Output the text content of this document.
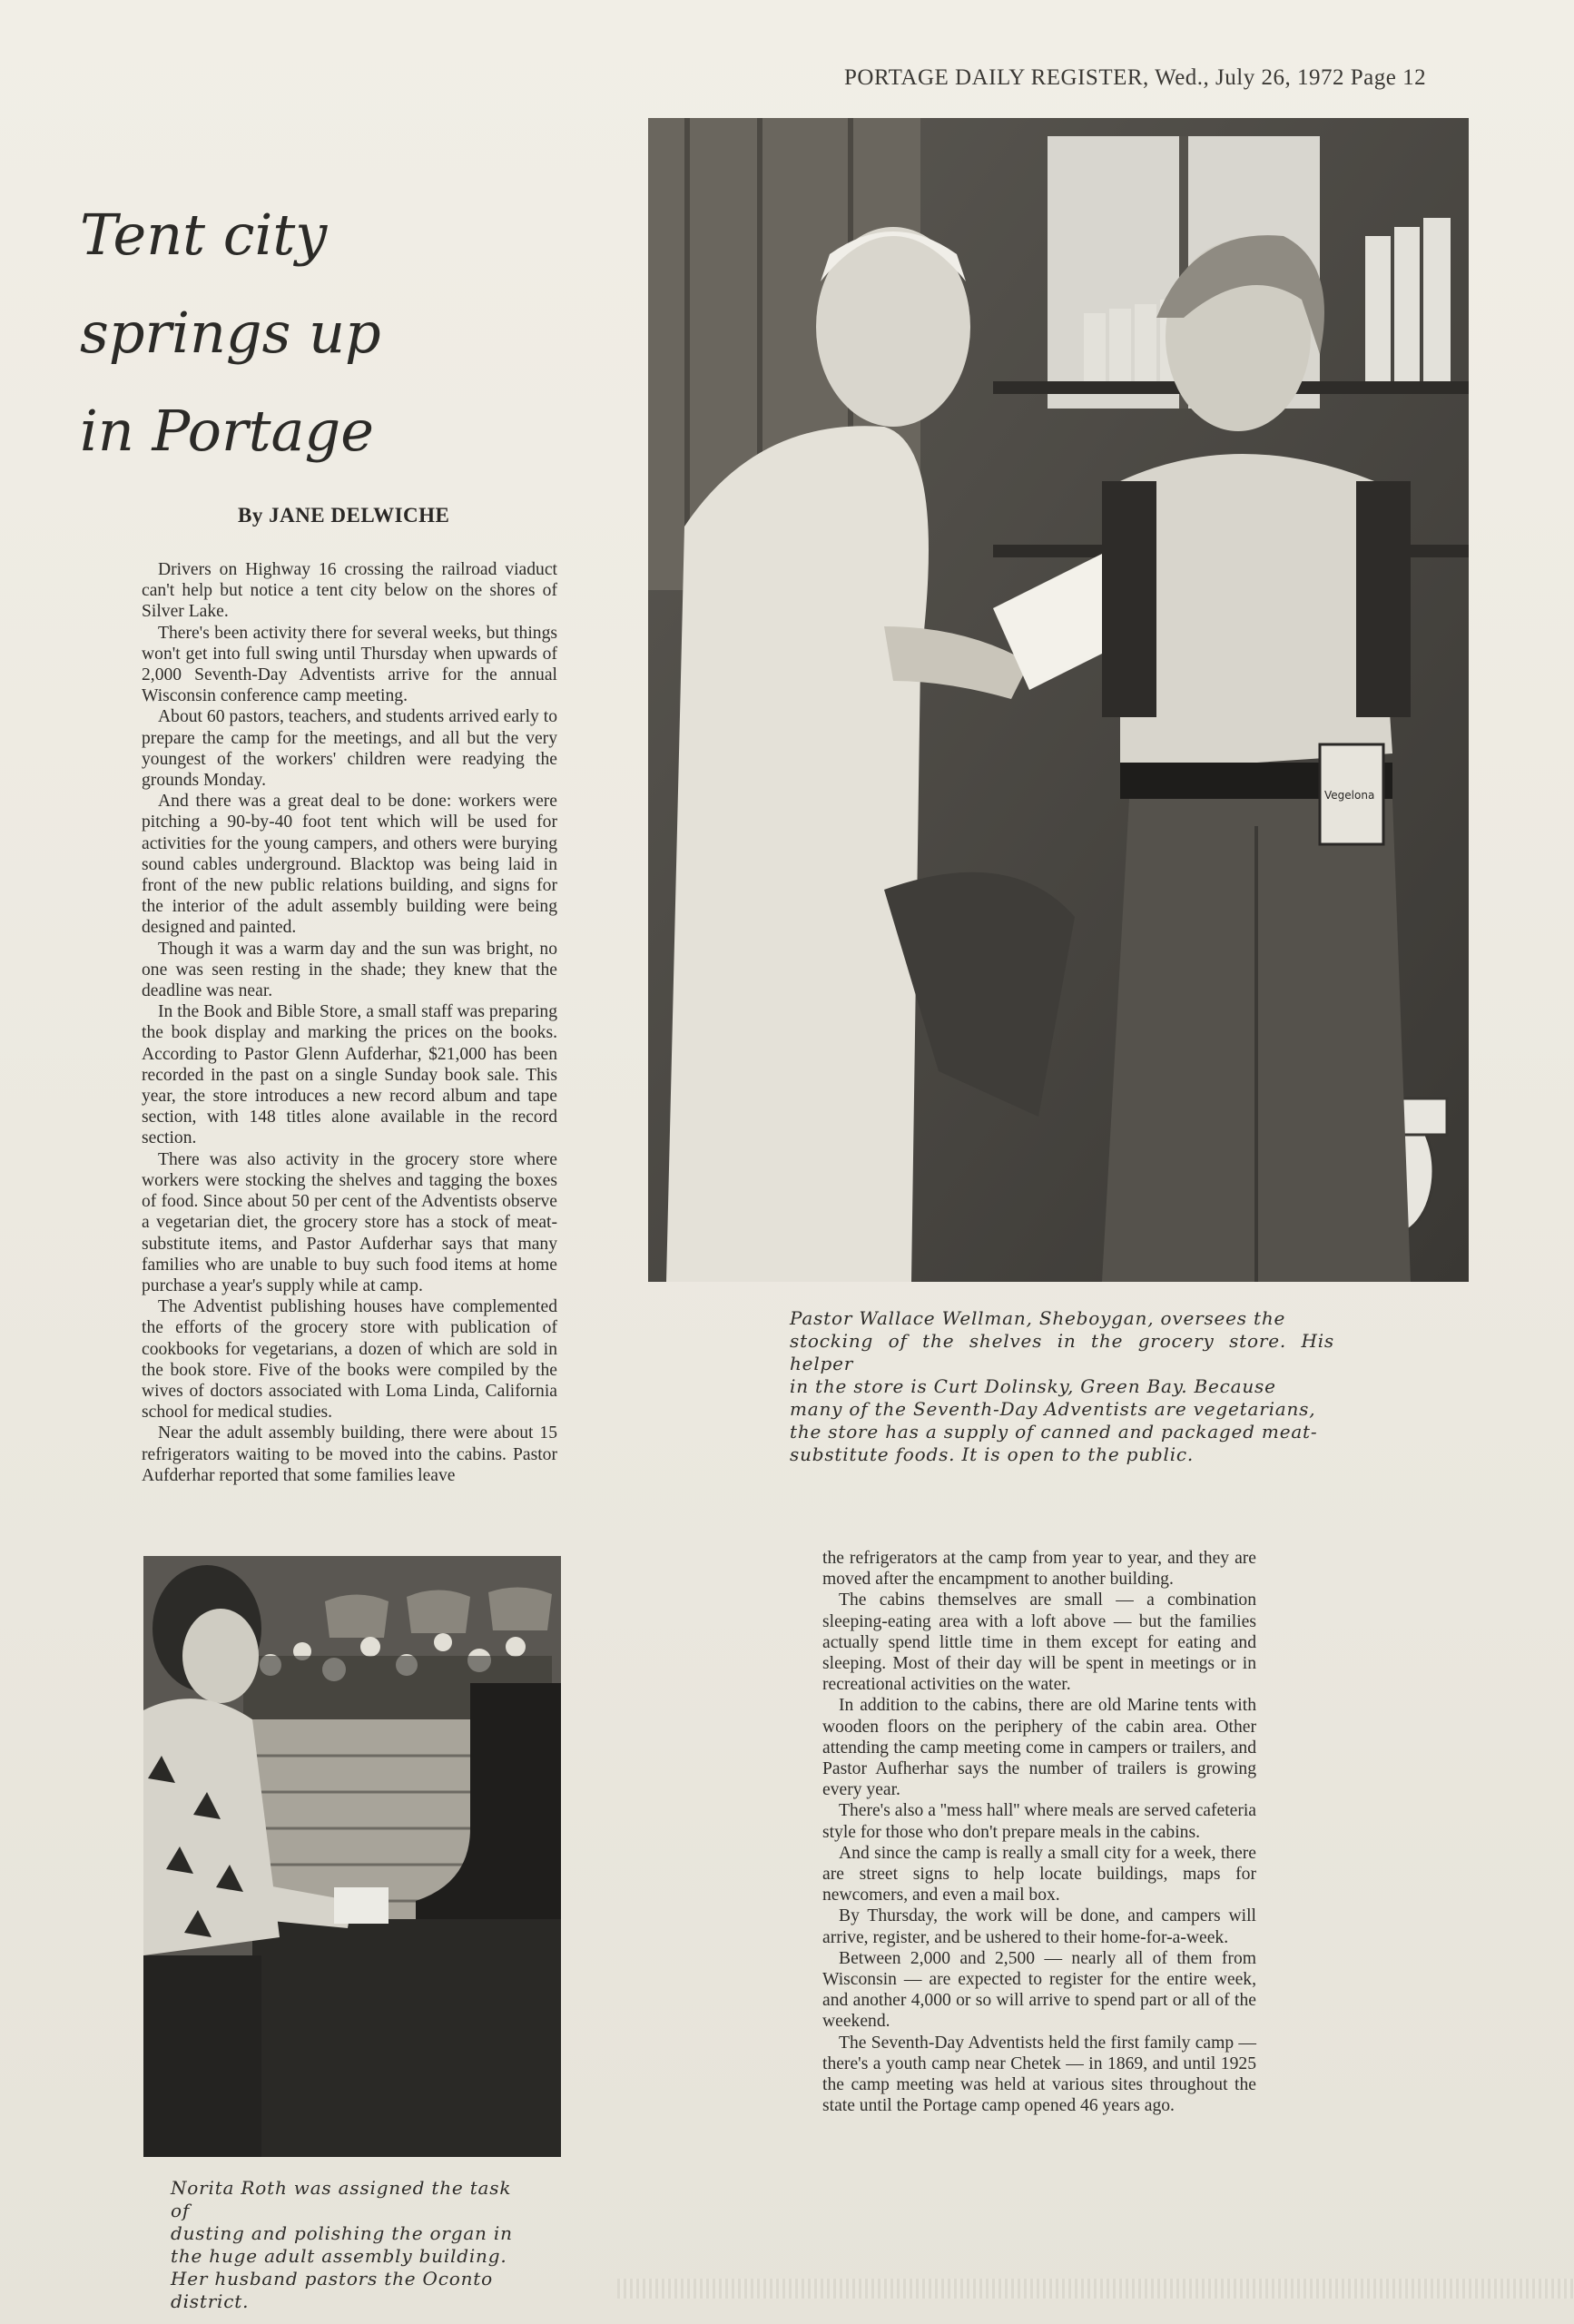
PORTAGE DAILY REGISTER, Wed., July 26, 1972 Page 12
Tent city
springs up
in Portage
By JANE DELWICHE

Drivers on Highway 16 crossing the railroad viaduct can't help but notice a tent city below on the shores of Silver Lake.

There's been activity there for several weeks, but things won't get into full swing until Thursday when upwards of 2,000 Seventh-Day Adventists arrive for the annual Wisconsin conference camp meeting.

About 60 pastors, teachers, and students arrived early to prepare the camp for the meetings, and all but the very youngest of the workers' children were readying the grounds Monday.

And there was a great deal to be done: workers were pitching a 90-by-40 foot tent which will be used for activities for the young campers, and others were burying sound cables underground. Blacktop was being laid in front of the new public relations building, and signs for the interior of the adult assembly building were being designed and painted.

Though it was a warm day and the sun was bright, no one was seen resting in the shade; they knew that the deadline was near.

In the Book and Bible Store, a small staff was preparing the book display and marking the prices on the books. According to Pastor Glenn Aufderhar, $21,000 has been recorded in the past on a single Sunday book sale. This year, the store introduces a new record album and tape section, with 148 titles alone available in the record section.

There was also activity in the grocery store where workers were stocking the shelves and tagging the boxes of food. Since about 50 per cent of the Adventists observe a vegetarian diet, the grocery store has a stock of meat-substitute items, and Pastor Aufderhar says that many families who are unable to buy such food items at home purchase a year's supply while at camp.

The Adventist publishing houses have complemented the efforts of the grocery store with publication of cookbooks for vegetarians, a dozen of which are sold in the book store. Five of the books were compiled by the wives of doctors associated with Loma Linda, California school for medical studies.

Near the adult assembly building, there were about 15 refrigerators waiting to be moved into the cabins. Pastor Aufderhar reported that some families leave

Vegelona
Pastor Wallace Wellman, Sheboygan, oversees the
stocking of the shelves in the grocery store. His helper
in the store is Curt Dolinsky, Green Bay. Because
many of the Seventh-Day Adventists are vegetarians,
the store has a supply of canned and packaged meat-
substitute foods. It is open to the public.
Norita Roth was assigned the task of
dusting and polishing the organ in
the huge adult assembly building.
Her husband pastors the Oconto
district.

the refrigerators at the camp from year to year, and they are moved after the encampment to another building.

The cabins themselves are small — a combination sleeping-eating area with a loft above — but the families actually spend little time in them except for eating and sleeping. Most of their day will be spent in meetings or in recreational activities on the water.

In addition to the cabins, there are old Marine tents with wooden floors on the periphery of the cabin area. Other attending the camp meeting come in campers or trailers, and Pastor Aufherhar says the number of trailers is growing every year.

There's also a ''mess hall'' where meals are served cafeteria style for those who don't prepare meals in the cabins.

And since the camp is really a small city for a week, there are street signs to help locate buildings, maps for newcomers, and even a mail box.

By Thursday, the work will be done, and campers will arrive, register, and be ushered to their home-for-a-week.

Between 2,000 and 2,500 — nearly all of them from Wisconsin — are expected to register for the entire week, and another 4,000 or so will arrive to spend part or all of the weekend.

The Seventh-Day Adventists held the first family camp — there's a youth camp near Chetek — in 1869, and until 1925 the camp meeting was held at various sites throughout the state until the Portage camp opened 46 years ago.
